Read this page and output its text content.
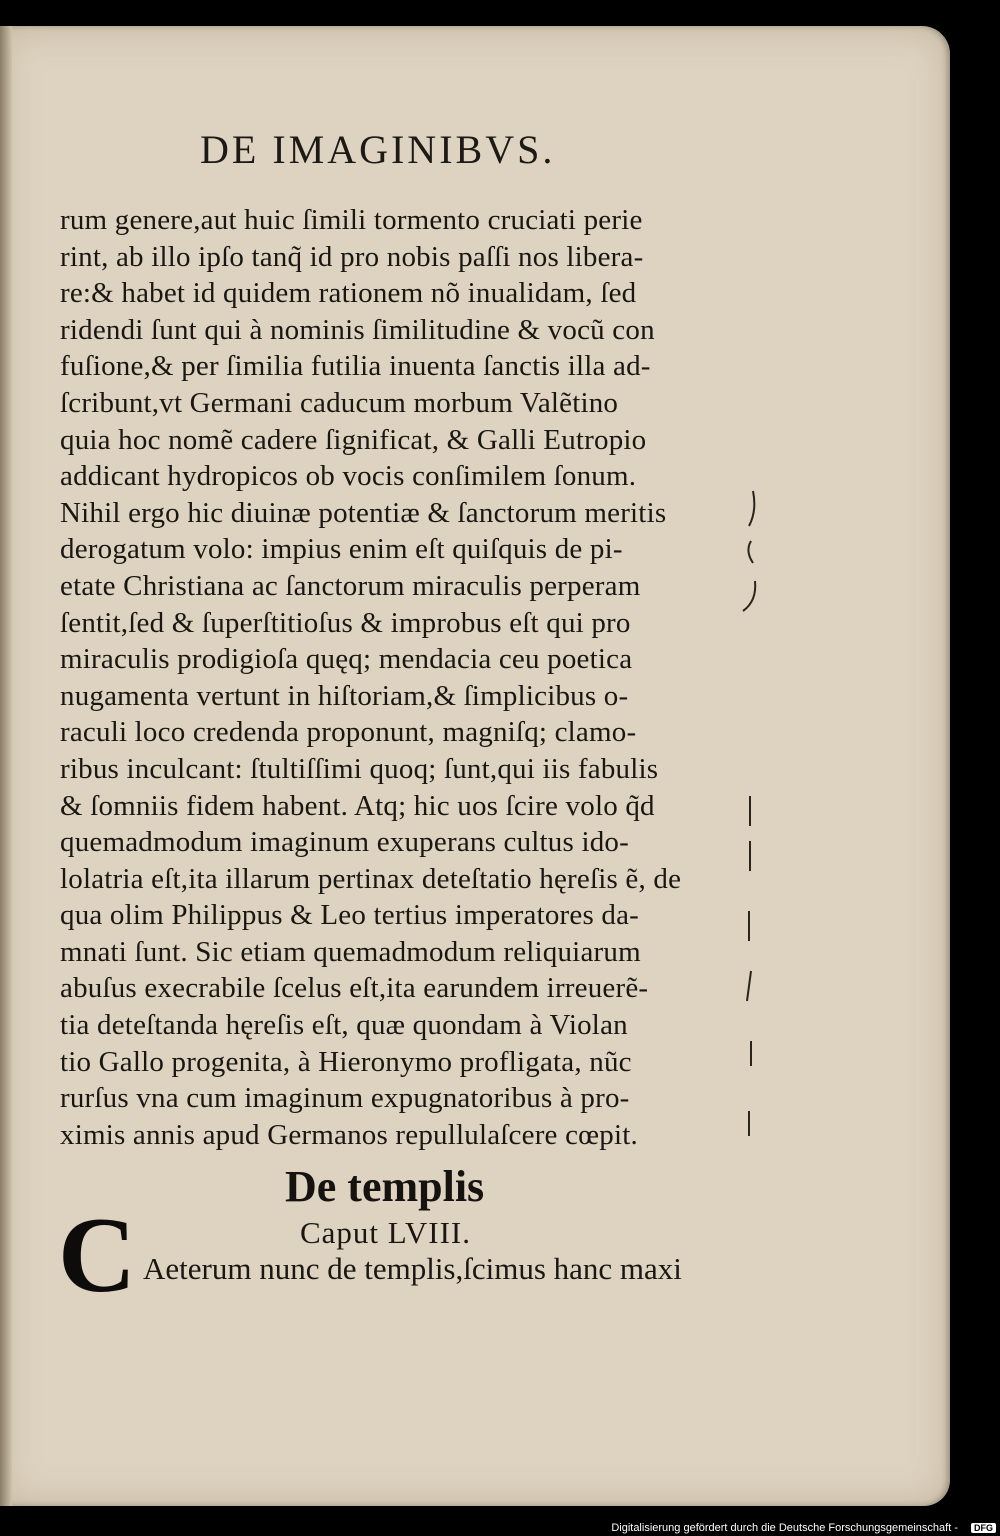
DE IMAGINIBVS.
rum genere,aut huic ſimili tormento cruciati perie
rint, ab illo ipſo tanq̃ id pro nobis paſſi nos libera-
re:& habet id quidem rationem nõ inualidam, ſed
ridendi ſunt qui à nominis ſimilitudine & vocũ con
fuſione,& per ſimilia futilia inuenta ſanctis illa ad-
ſcribunt,vt Germani caducum morbum Valẽtino
quia hoc nomẽ cadere ſignificat, & Galli Eutropio
addicant hydropicos ob vocis conſimilem ſonum.
Nihil ergo hic diuinæ potentiæ & ſanctorum meritis
derogatum volo: impius enim eſt quiſquis de pi-
etate Christiana ac ſanctorum miraculis perperam
ſentit,ſed & ſuperſtitioſus & improbus eſt qui pro
miraculis prodigioſa quęq; mendacia ceu poetica
nugamenta vertunt in hiſtoriam,& ſimplicibus o-
raculi loco credenda proponunt, magniſq; clamo-
ribus inculcant: ſtultiſſimi quoq; ſunt,qui iis fabulis
& ſomniis fidem habent. Atq; hic uos ſcire volo q̃d
quemadmodum imaginum exuperans cultus ido-
lolatria eſt,ita illarum pertinax deteſtatio hęreſis ẽ, de
qua olim Philippus & Leo tertius imperatores da-
mnati ſunt. Sic etiam quemadmodum reliquiarum
abuſus execrabile ſcelus eſt,ita earundem irreuerẽ-
tia deteſtanda hęreſis eſt, quæ quondam à Violan
tio Gallo progenita, à Hieronymo profligata, nũc
rurſus vna cum imaginum expugnatoribus à pro-
ximis annis apud Germanos repullulaſcere cœpit.
De templis
C	Caput LVIII.
Aeterum nunc de templis,ſcimus hanc maxi
Digitalisierung gefördert durch die Deutsche Forschungsgemeinschaft -	DFG
